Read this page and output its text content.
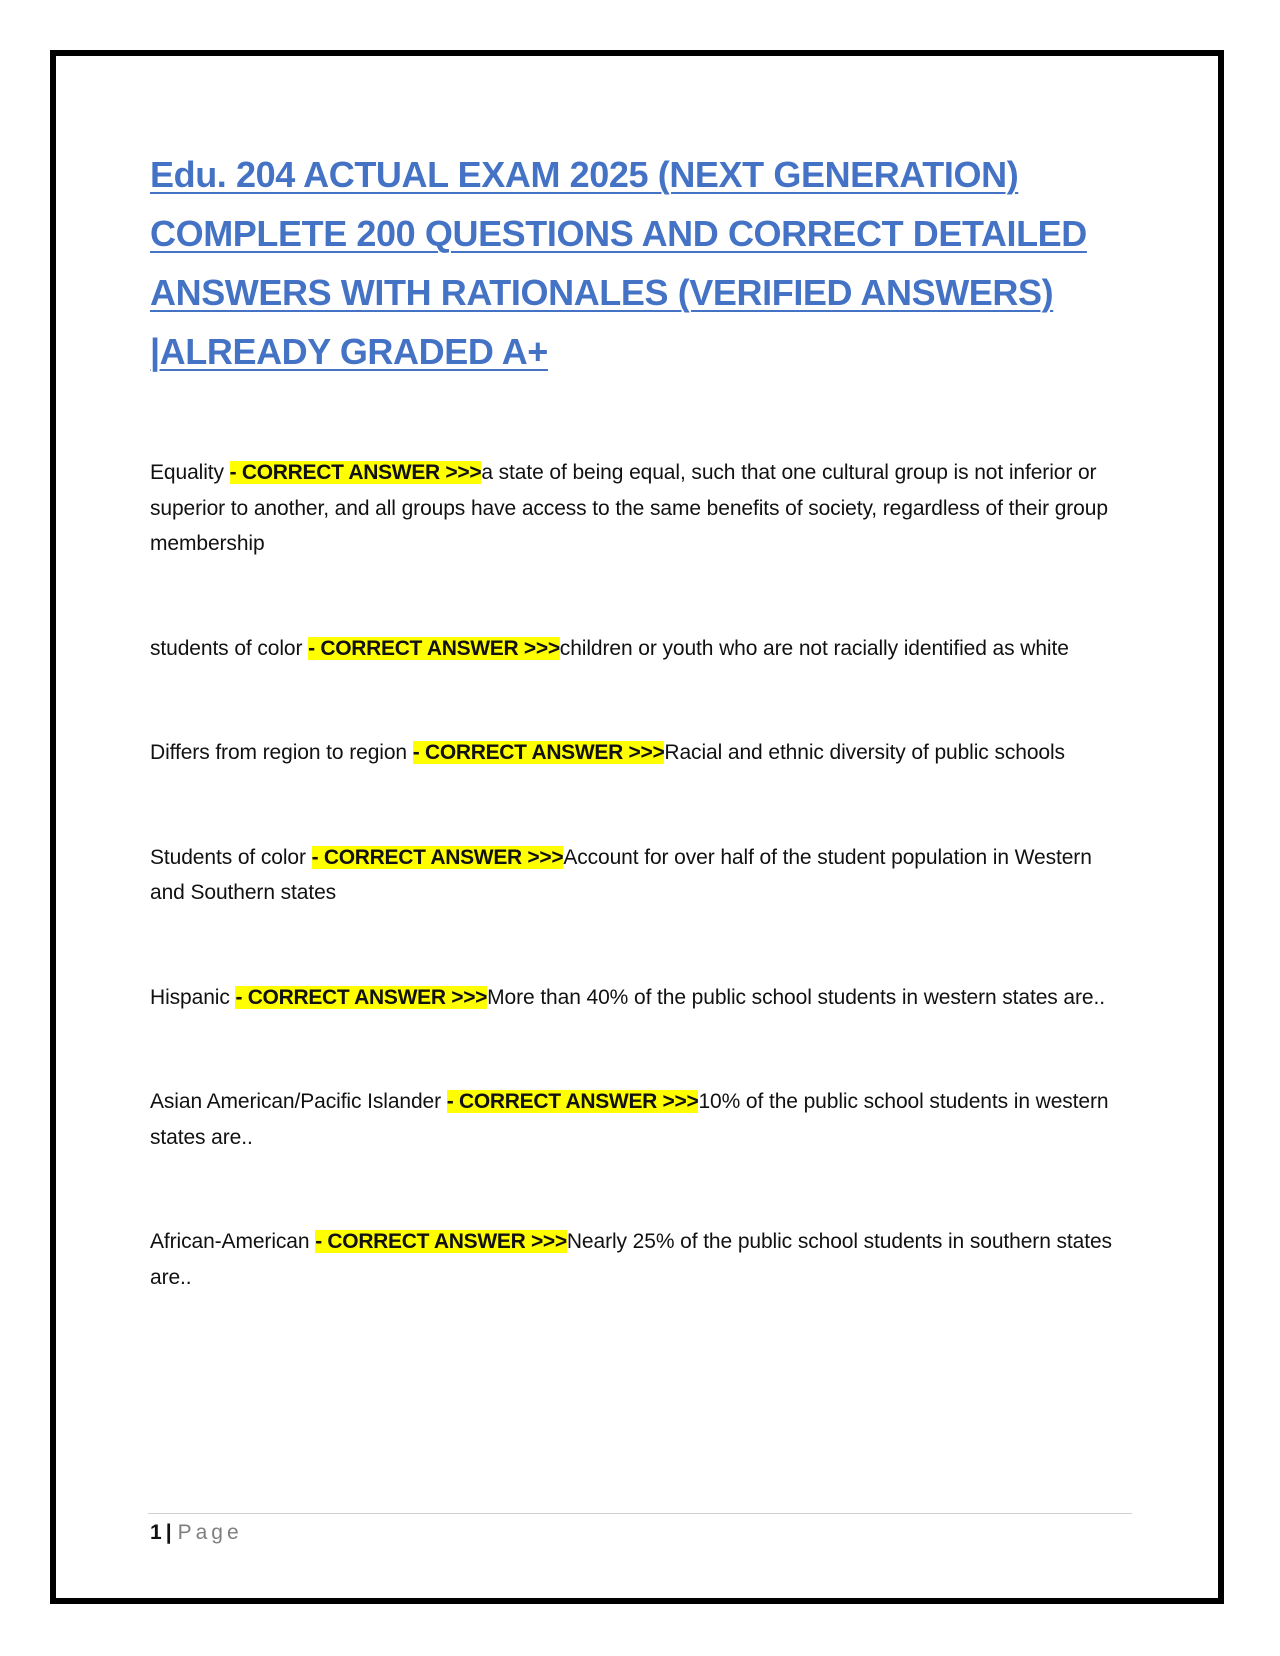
Edu. 204 ACTUAL EXAM 2025 (NEXT GENERATION)
COMPLETE 200 QUESTIONS AND CORRECT DETAILED
ANSWERS WITH RATIONALES (VERIFIED ANSWERS)
|ALREADY GRADED A+

Equality - CORRECT ANSWER >>>a state of being equal, such that one cultural group is not inferior or superior to another, and all groups have access to the same benefits of society, regardless of their group membership

students of color - CORRECT ANSWER >>>children or youth who are not racially identified as white

Differs from region to region - CORRECT ANSWER >>>Racial and ethnic diversity of public schools

Students of color - CORRECT ANSWER >>>Account for over half of the student population in Western and Southern states

Hispanic - CORRECT ANSWER >>>More than 40% of the public school students in western states are..

Asian American/Pacific Islander - CORRECT ANSWER >>>10% of the public school students in western states are..

African-American - CORRECT ANSWER >>>Nearly 25% of the public school students in southern states are..

1 | Page
